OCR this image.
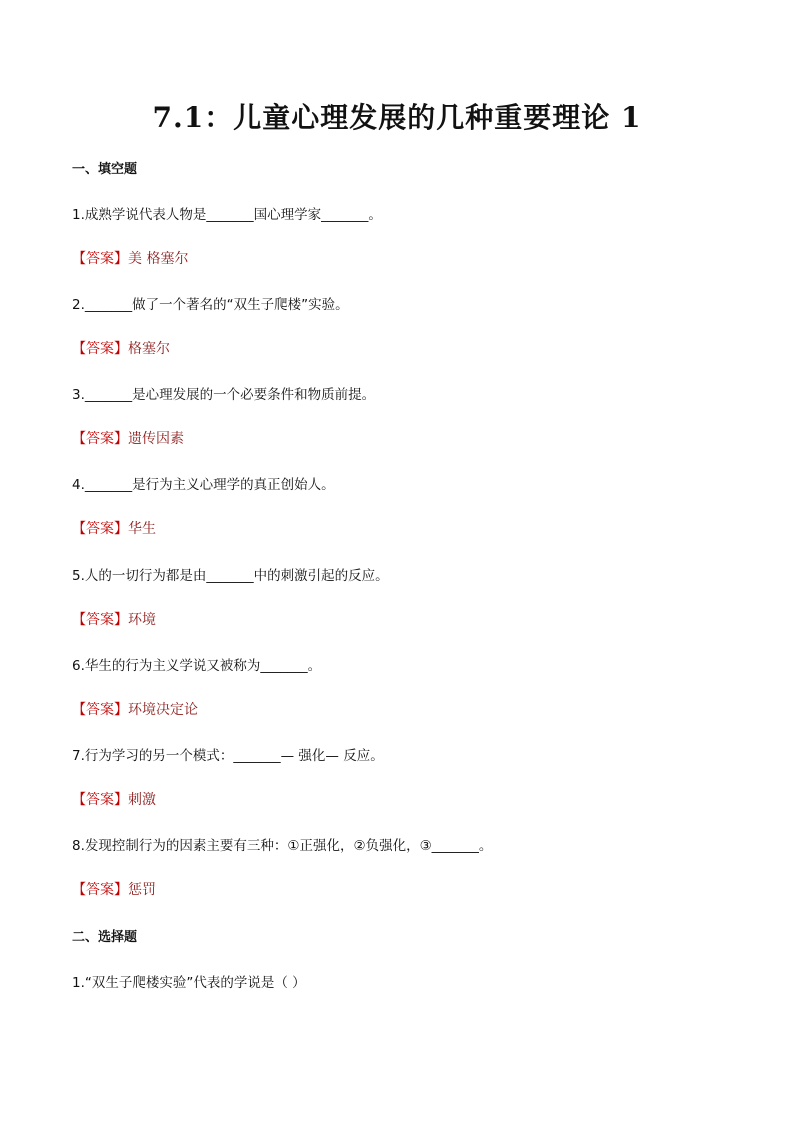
7.1：儿童心理发展的几种重要理论 1

一、填空题

1.成熟学说代表人物是_______国心理学家_______。

【答案】美 格塞尔

2._______做了一个著名的“双生子爬楼”实验。

【答案】格塞尔

3._______是心理发展的一个必要条件和物质前提。

【答案】遗传因素

4._______是行为主义心理学的真正创始人。

【答案】华生

5.人的一切行为都是由_______中的刺激引起的反应。

【答案】环境

6.华生的行为主义学说又被称为_______。

【答案】环境决定论

7.行为学习的另一个模式：_______— 强化— 反应。

【答案】刺激

8.发现控制行为的因素主要有三种：①正强化，②负强化，③_______。

【答案】惩罚

二、选择题

1.“双生子爬楼实验”代表的学说是（ ）
